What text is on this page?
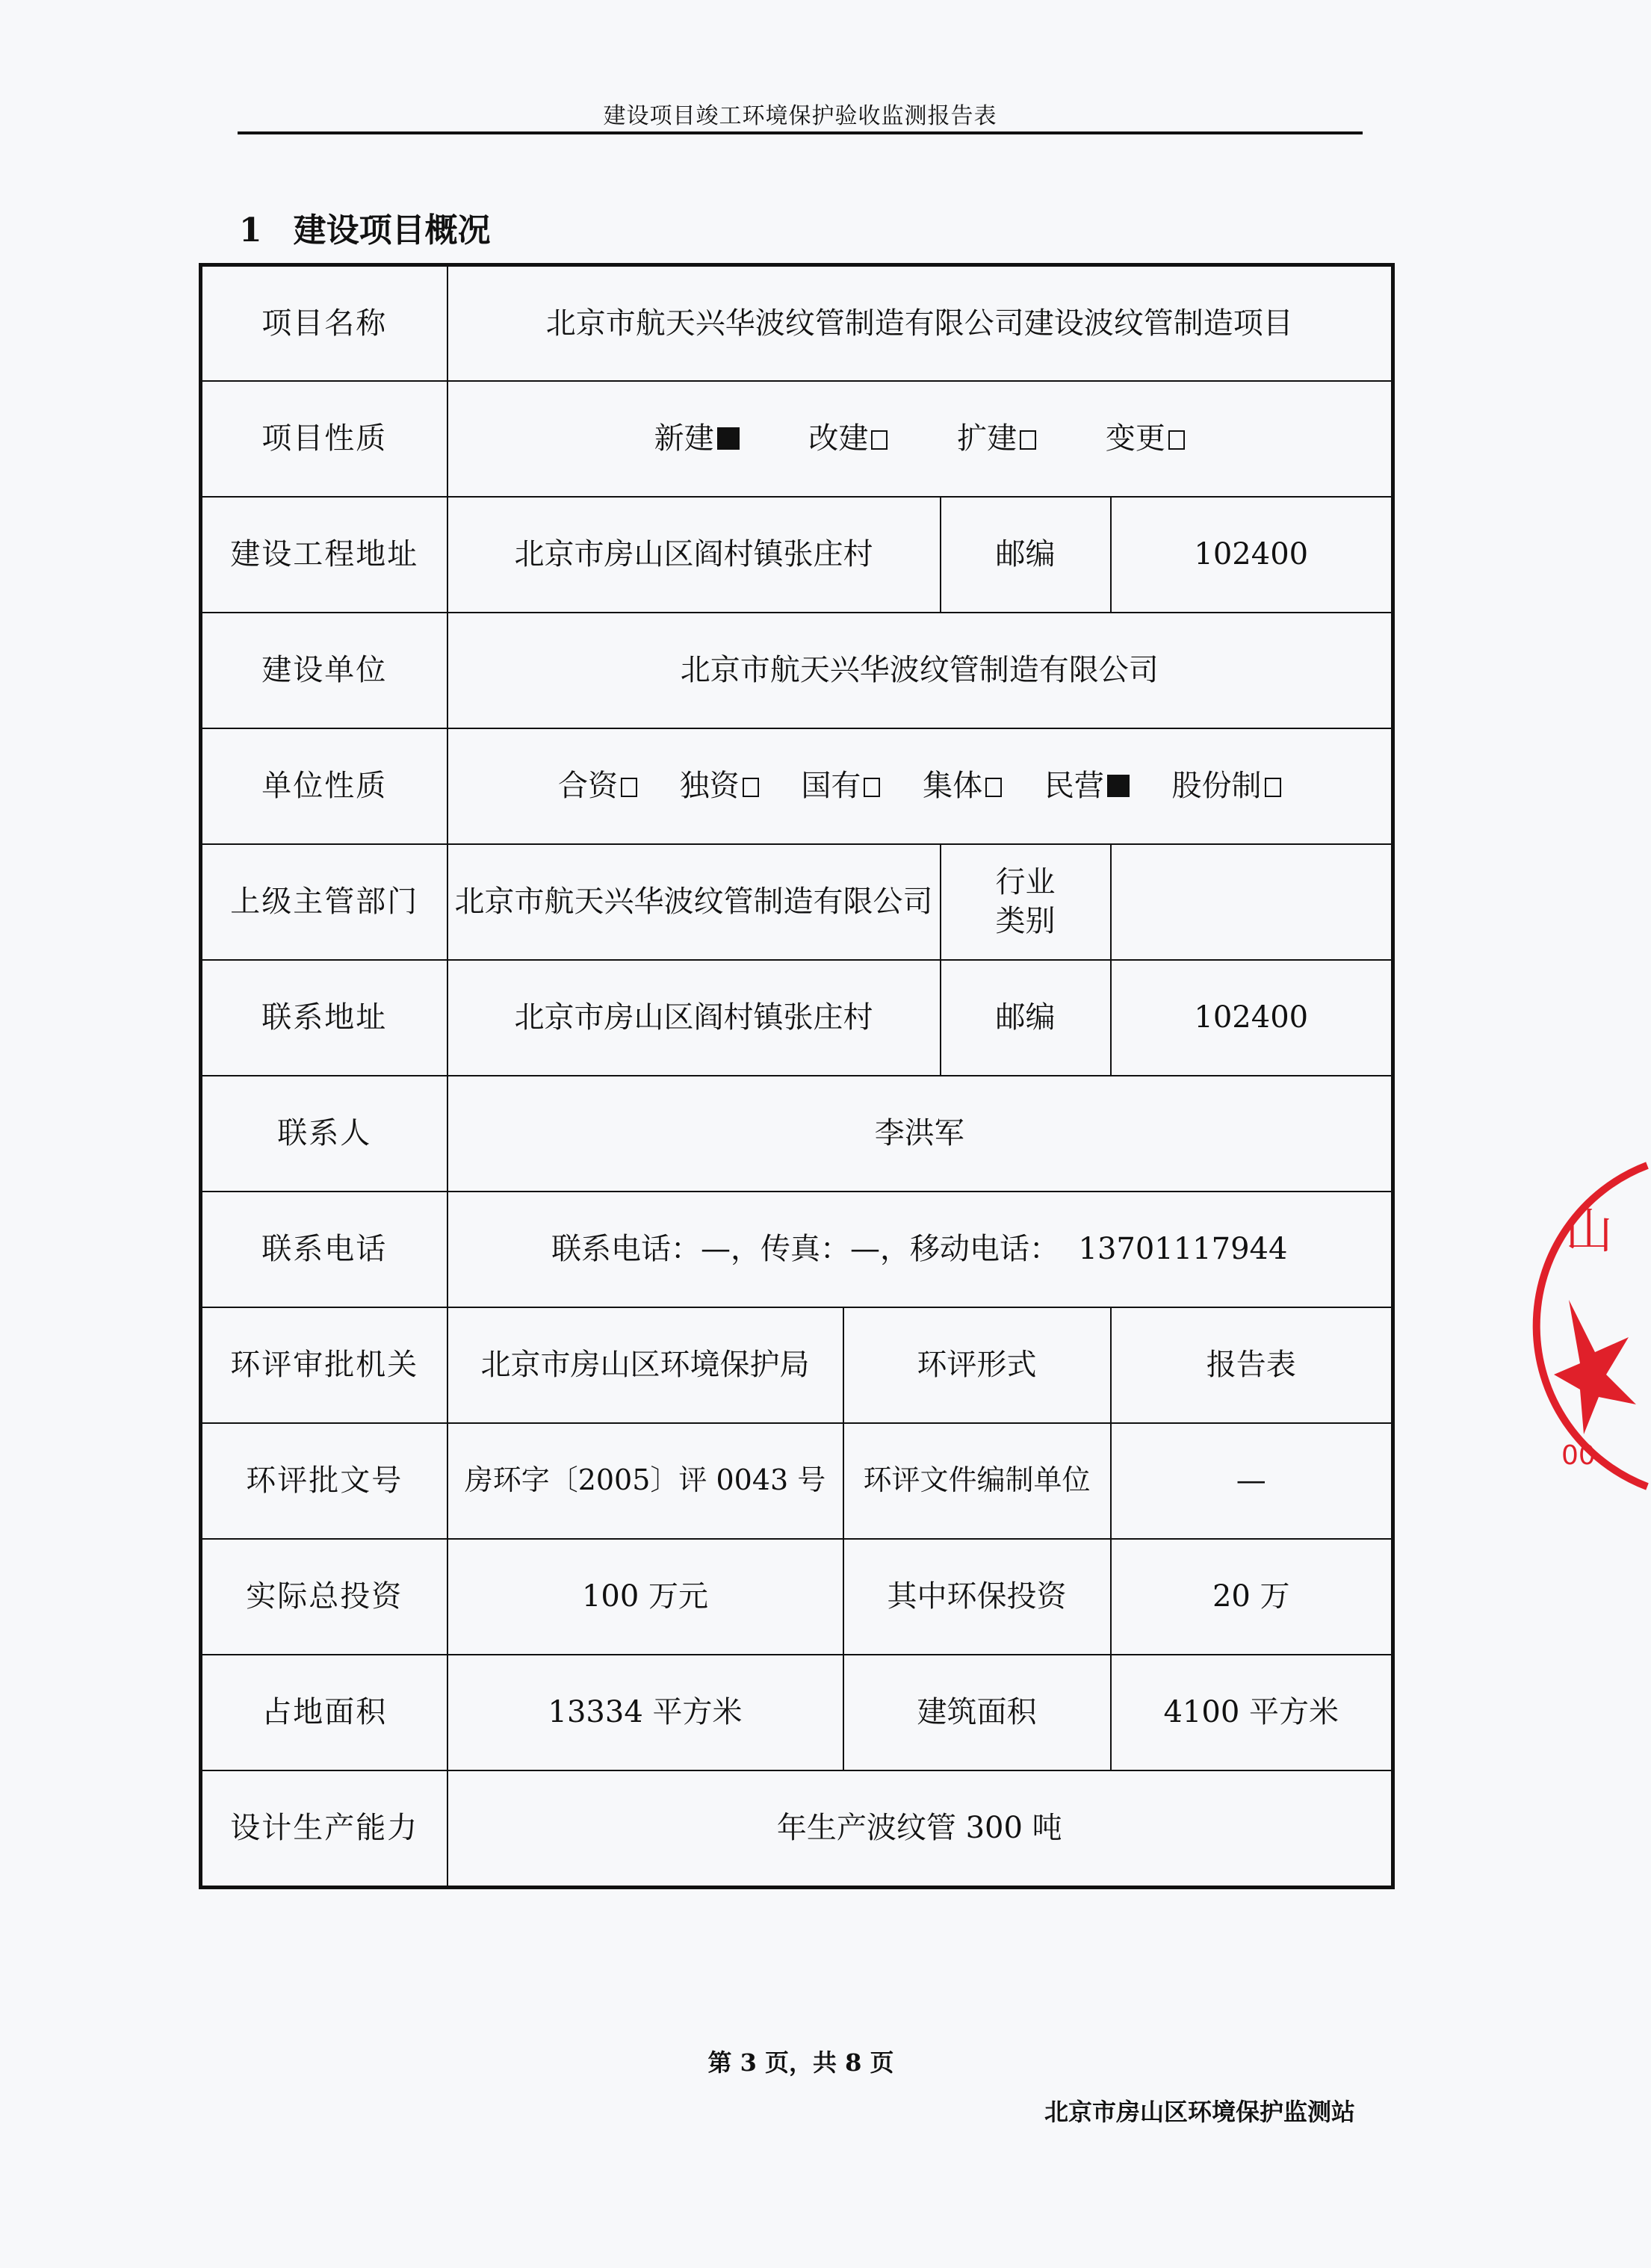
建设项目竣工环境保护验收监测报告表
1 建设项目概况
项目名称	北京市航天兴华波纹管制造有限公司建设波纹管制造项目			
项目性质	新建 改建 扩建 变更			
建设工程地址	北京市房山区阎村镇张庄村		邮编	102400
建设单位	北京市航天兴华波纹管制造有限公司			
单位性质	合资 独资 国有 集体 民营 股份制			
上级主管部门	北京市航天兴华波纹管制造有限公司		行业
类别	

联系地址	北京市房山区阎村镇张庄村		邮编	102400
联系人	李洪军			
联系电话	联系电话：—，传真：—，移动电话：  13701117944			
环评审批机关	北京市房山区环境保护局	环评形式		报告表
环评批文号	房环字〔2005〕评 0043 号	环评文件编制单位		—
实际总投资	100 万元	其中环保投资		20 万
占地面积	13334 平方米	建筑面积		4100 平方米
设计生产能力	年生产波纹管 300 吨			
第 3 页，共 8 页
北京市房山区环境保护监测站
山
00
